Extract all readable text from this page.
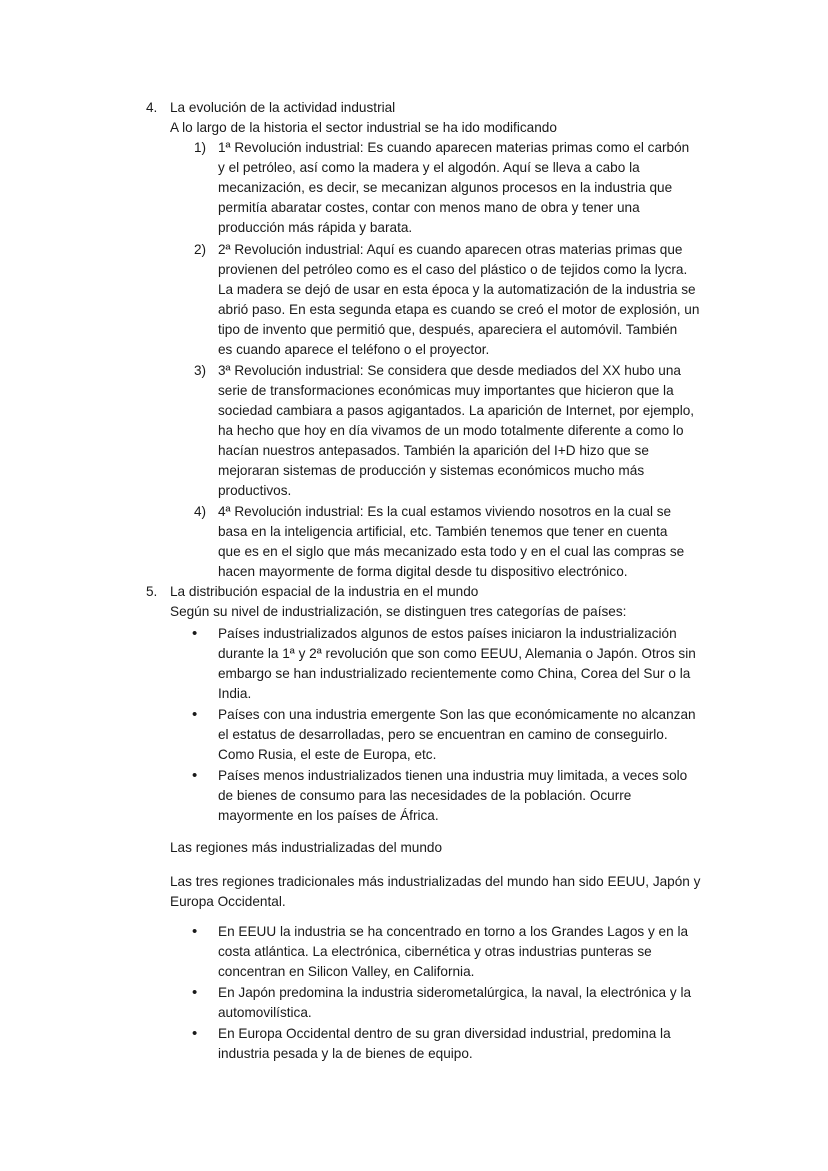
4. La evolución de la actividad industrial
A lo largo de la historia el sector industrial se ha ido modificando
1) 1ª Revolución industrial: Es cuando aparecen materias primas como el carbón
y el petróleo, así como la madera y el algodón. Aquí se lleva a cabo la
mecanización, es decir, se mecanizan algunos procesos en la industria que
permitía abaratar costes, contar con menos mano de obra y tener una
producción más rápida y barata.
2) 2ª Revolución industrial: Aquí es cuando aparecen otras materias primas que
provienen del petróleo como es el caso del plástico o de tejidos como la lycra.
La madera se dejó de usar en esta época y la automatización de la industria se
abrió paso. En esta segunda etapa es cuando se creó el motor de explosión, un
tipo de invento que permitió que, después, apareciera el automóvil. También
es cuando aparece el teléfono o el proyector.
3) 3ª Revolución industrial: Se considera que desde mediados del XX hubo una
serie de transformaciones económicas muy importantes que hicieron que la
sociedad cambiara a pasos agigantados. La aparición de Internet, por ejemplo,
ha hecho que hoy en día vivamos de un modo totalmente diferente a como lo
hacían nuestros antepasados. También la aparición del I+D hizo que se
mejoraran sistemas de producción y sistemas económicos mucho más
productivos.
4) 4ª Revolución industrial: Es la cual estamos viviendo nosotros en la cual se
basa en la inteligencia artificial, etc. También tenemos que tener en cuenta
que es en el siglo que más mecanizado esta todo y en el cual las compras se
hacen mayormente de forma digital desde tu dispositivo electrónico.
5. La distribución espacial de la industria en el mundo
Según su nivel de industrialización, se distinguen tres categorías de países:
• Países industrializados algunos de estos países iniciaron la industrialización
durante la 1ª y 2ª revolución que son como EEUU, Alemania o Japón. Otros sin
embargo se han industrializado recientemente como China, Corea del Sur o la
India.
• Países con una industria emergente Son las que económicamente no alcanzan
el estatus de desarrolladas, pero se encuentran en camino de conseguirlo.
Como Rusia, el este de Europa, etc.
• Países menos industrializados tienen una industria muy limitada, a veces solo
de bienes de consumo para las necesidades de la población. Ocurre
mayormente en los países de África.
Las regiones más industrializadas del mundo
Las tres regiones tradicionales más industrializadas del mundo han sido EEUU, Japón y
Europa Occidental.
• En EEUU la industria se ha concentrado en torno a los Grandes Lagos y en la
costa atlántica. La electrónica, cibernética y otras industrias punteras se
concentran en Silicon Valley, en California.
• En Japón predomina la industria siderometalúrgica, la naval, la electrónica y la
automovilística.
• En Europa Occidental dentro de su gran diversidad industrial, predomina la
industria pesada y la de bienes de equipo.
